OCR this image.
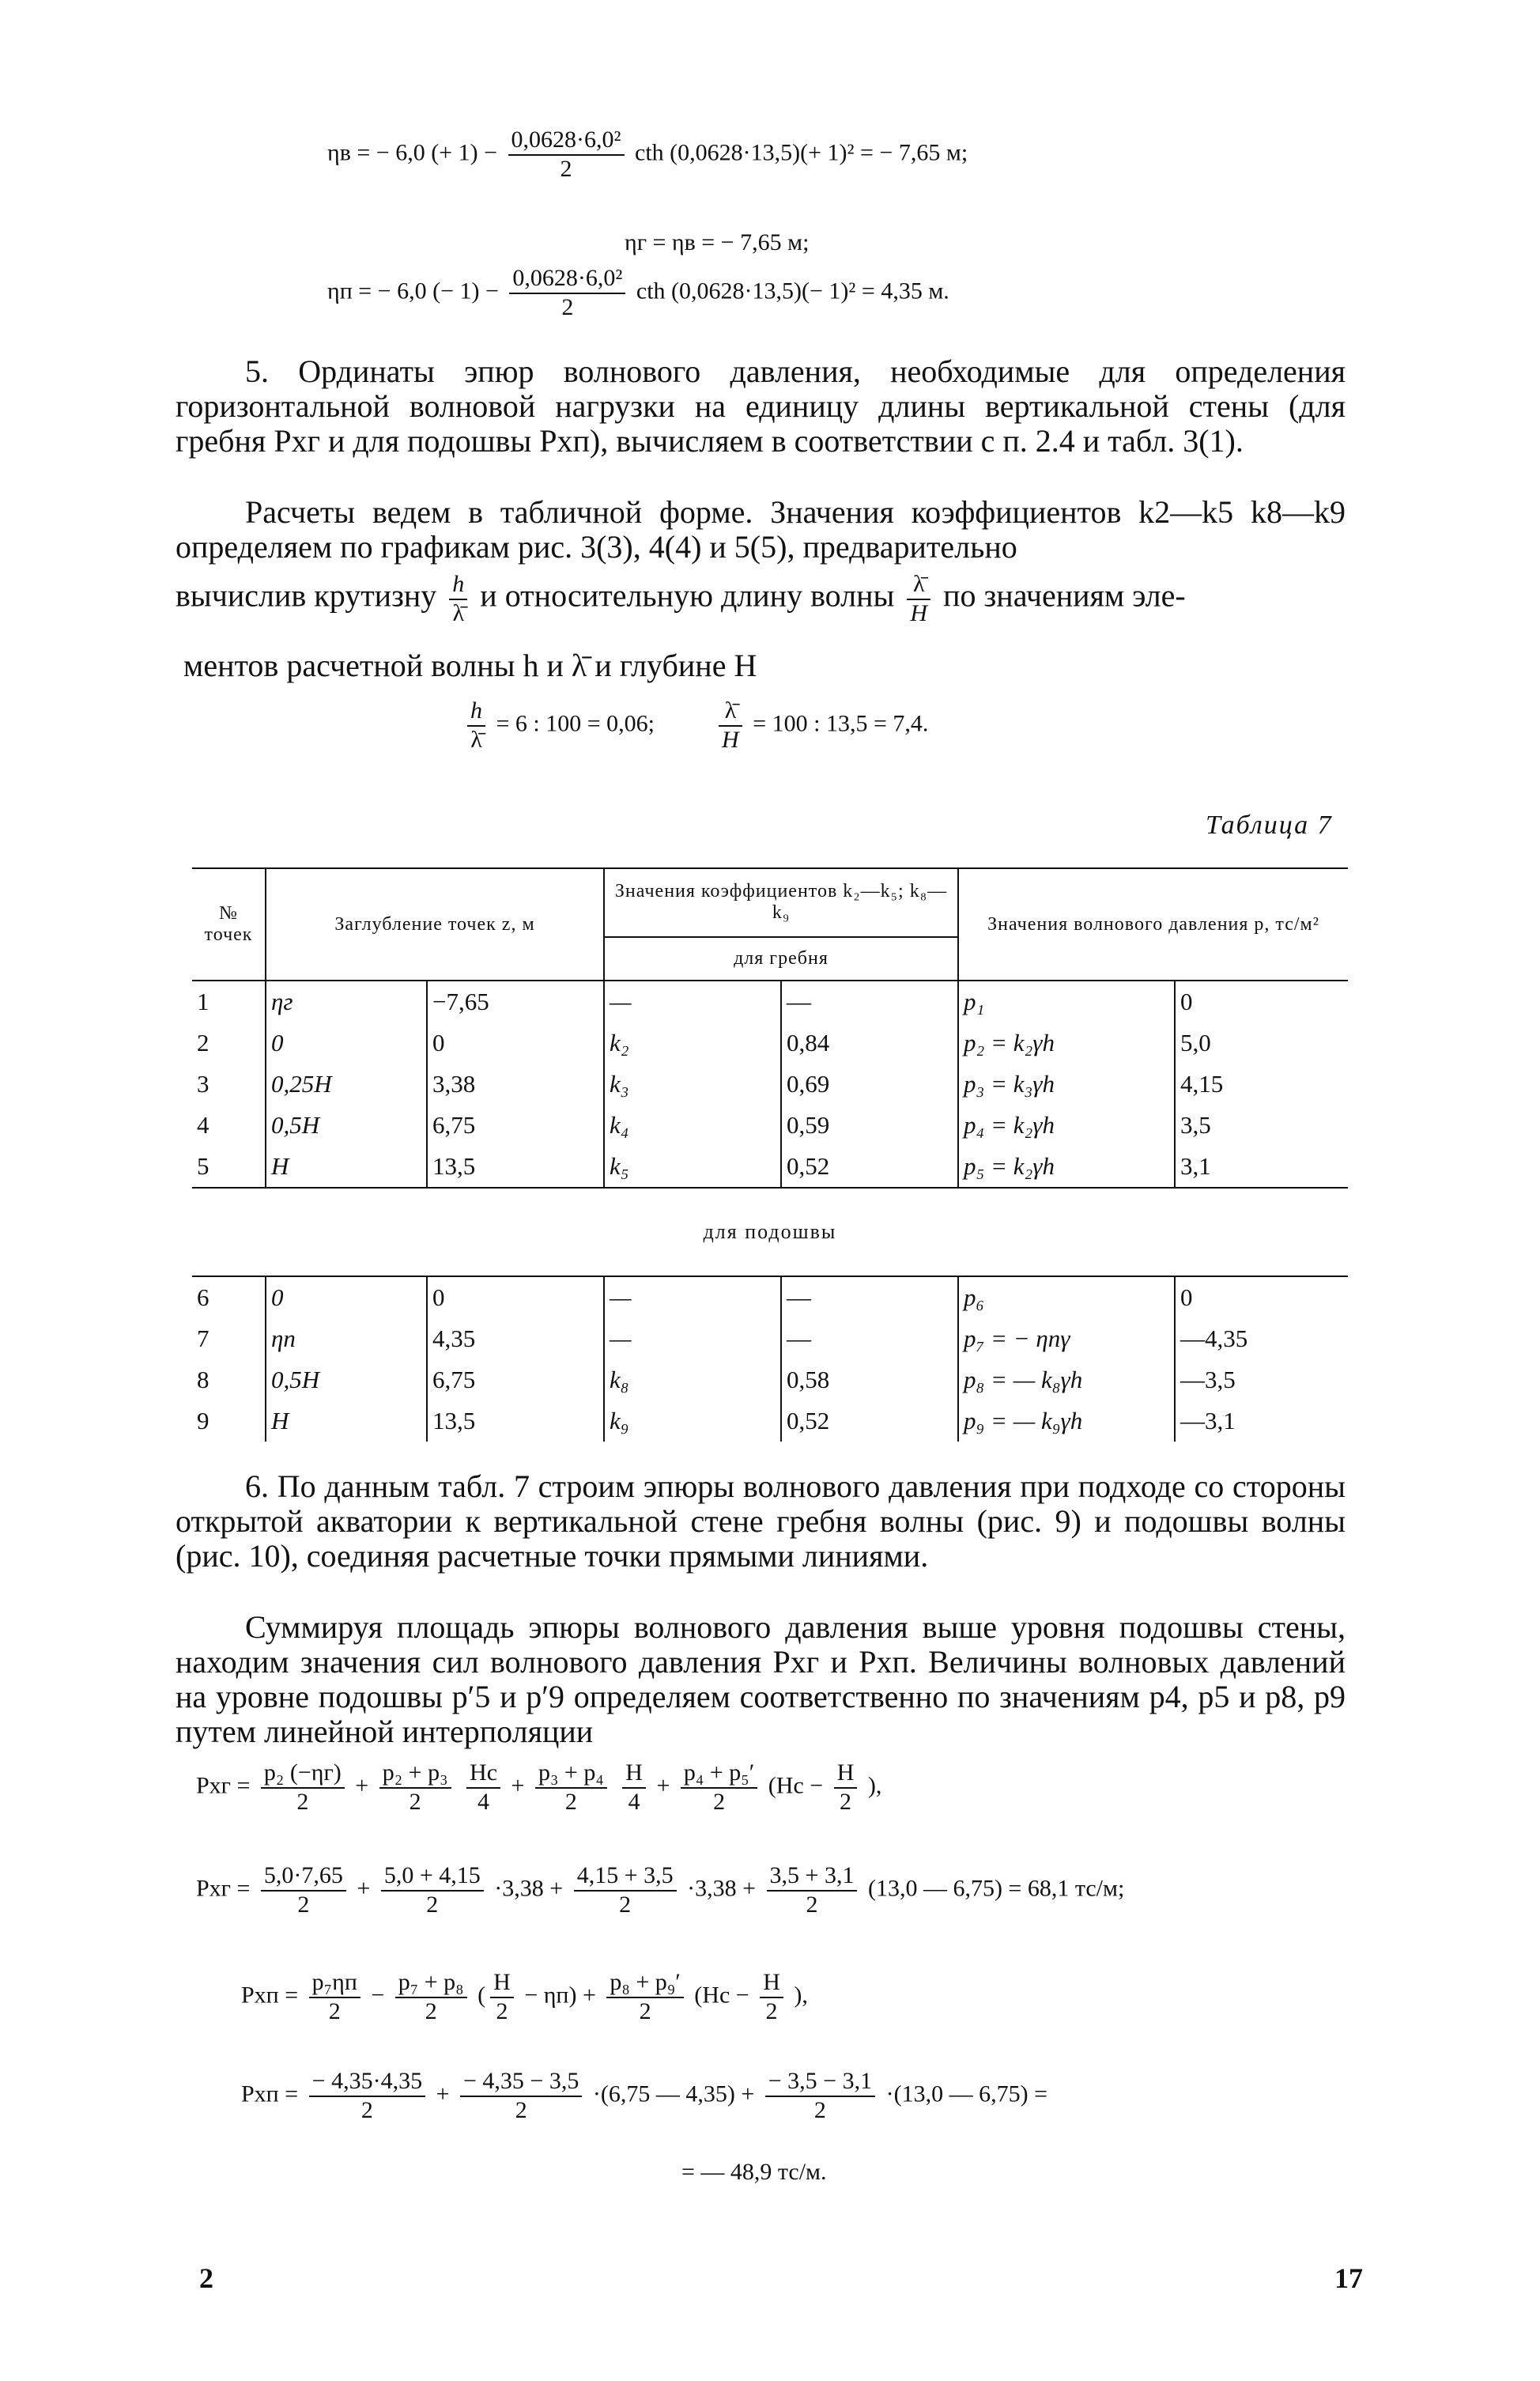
ηв = − 6,0 (+ $1) - \frac{\text{0,0628·6,0²}}{2}$ cth (0,0628·13,5)(+ 1)² = − 7,65 м;
ηг = ηв = − 7,65 м;
ηп = − 6,0 (− $1) - \frac{\text{0,0628·6,0²}}{2}$ cth (0,0628·13,5)(− 1)² = 4,35 м.
5. Ординаты эпюр волнового давления, необходимые для определения горизонтальной волновой нагрузки на единицу длины вертикальной стены (для гребня Pхг и для подошвы Pхп), вычисляем в соответствии с п. 2.4 и табл. 3(1).
Расчеты ведем в табличной форме. Значения коэффициентов k2—k5 k8—k9 определяем по графикам рис. 3(3), 4(4) и 5(5), предварительно
вычислив крутизну $\frac{h}{\lambdā}$ и относительную длину волны $\frac{\lambdā}{H}$ по значениям эле-
ментов расчетной волны h и λ̄ и глубине H
$\frac{h}{\lambdā} = 6$ : 100 = 0,06;	$\frac{\lambdā}{H} = 100$ : 13,5 = 7,4.
Таблица 7
№ точек	Заглубление точек z, м		Значения коэффициентов k₂—k₅; k₈—k₉		Значения волнового давления p, тс/м²	
			для гребня			
1	ηг	−7,65	—	—	p₁	0
2	0	0	k₂	0,84	p₂ = k₂γh	5,0
3	0,25H	3,38	k₃	0,69	p₃ = k₃γh	4,15
4	0,5H	6,75	k₄	0,59	p₄ = k₂γh	3,5
5	H	13,5	k₅	0,52	p₅ = k₂γh	3,1
для подошвы						
6	0	0	—	—	p₆	0
7	ηп	4,35	—	—	p₇ = − ηпγ	—4,35
8	0,5H	6,75	k₈	0,58	p₈ = — k₈γh	—3,5
9	H	13,5	k₉	0,52	p₉ = — k₉γh	—3,1
6. По данным табл. 7 строим эпюры волнового давления при подходе со стороны открытой акватории к вертикальной стене гребня волны (рис. 9) и подошвы волны (рис. 10), соединяя расчетные точки прямыми линиями.
Суммируя площадь эпюры волнового давления выше уровня подошвы стены, находим значения сил волнового давления Pхг и Pхп. Величины волновых давлений на уровне подошвы p′5 и p′9 определяем соответственно по значениям p4, p5 и p8, p9 путем линейной интерполяции
Pхг = $\frac{\text{p₂ (−ηг)}}{2} + \frac{\text{p₂ + p₃}}{2}$
$\frac{Hс}{4} + \frac{\text{p₃ + p₄}}{2}$
$\frac{H}{4} + \frac{\text{p₄ + p₅′}}{2} (Hс - \frac{H}{2}$ ),
Pхг = $\frac{5,0\cdot 7,65}{2} + \frac{5,0 + 4,15}{2} \cdot 3,38 + \frac{4,15 + 3,5}{2} \cdot 3,38 + \frac{3,5 + 3,1}{2} (13,0$ — 6,75) = 68,1 тс/м;
Pхп = $\frac{\text{p₇ηп}}{2} - \frac{\text{p₇ + p₈}}{2}$ ( $\frac{H}{2} - \eta п) + \frac{\text{p₈ + p₉′}}{2} (Hс - \frac{H}{2}$ ),
Pхп = $\frac{- 4,35\cdot 4,35}{2} + \frac{- 4,35 - 3,5}{2} \cdot(6,75$ — $4,35) + \frac{- 3,5 - 3,1}{2} \cdot(13,0$ — 6,75) =
= — 48,9 тс/м.
2	17
